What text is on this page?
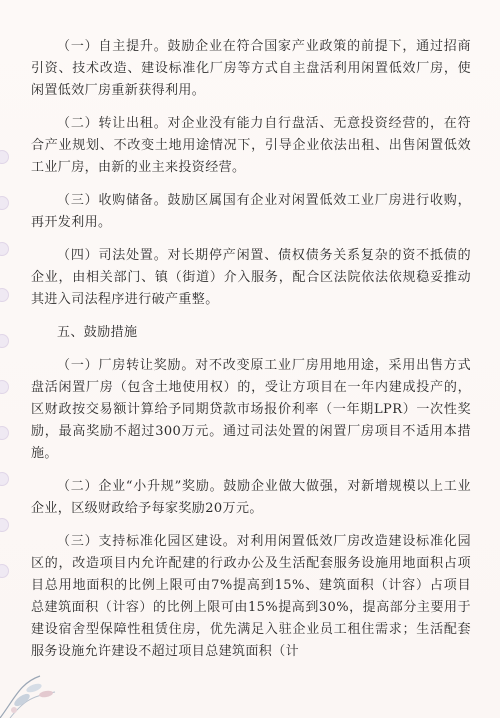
（一）自主提升。鼓励企业在符合国家产业政策的前提下，通过招商引资、技术改造、建设标准化厂房等方式自主盘活利用闲置低效厂房，使闲置低效厂房重新获得利用。

（二）转让出租。对企业没有能力自行盘活、无意投资经营的，在符合产业规划、不改变土地用途情况下，引导企业依法出租、出售闲置低效工业厂房，由新的业主来投资经营。

（三）收购储备。鼓励区属国有企业对闲置低效工业厂房进行收购，再开发利用。

（四）司法处置。对长期停产闲置、债权债务关系复杂的资不抵债的企业，由相关部门、镇（街道）介入服务，配合区法院依法依规稳妥推动其进入司法程序进行破产重整。

五、鼓励措施

（一）厂房转让奖励。对不改变原工业厂房用地用途，采用出售方式盘活闲置厂房（包含土地使用权）的，受让方项目在一年内建成投产的，区财政按交易额计算给予同期贷款市场报价利率（一年期LPR）一次性奖励，最高奖励不超过300万元。通过司法处置的闲置厂房项目不适用本措施。

（二）企业“小升规”奖励。鼓励企业做大做强，对新增规模以上工业企业，区级财政给予每家奖励20万元。

（三）支持标准化园区建设。对利用闲置低效厂房改造建设标准化园区的，改造项目内允许配建的行政办公及生活配套服务设施用地面积占项目总用地面积的比例上限可由7%提高到15%、建筑面积（计容）占项目总建筑面积（计容）的比例上限可由15%提高到30%，提高部分主要用于建设宿舍型保障性租赁住房，优先满足入驻企业员工租住需求；生活配套服务设施允许建设不超过项目总建筑面积（计
